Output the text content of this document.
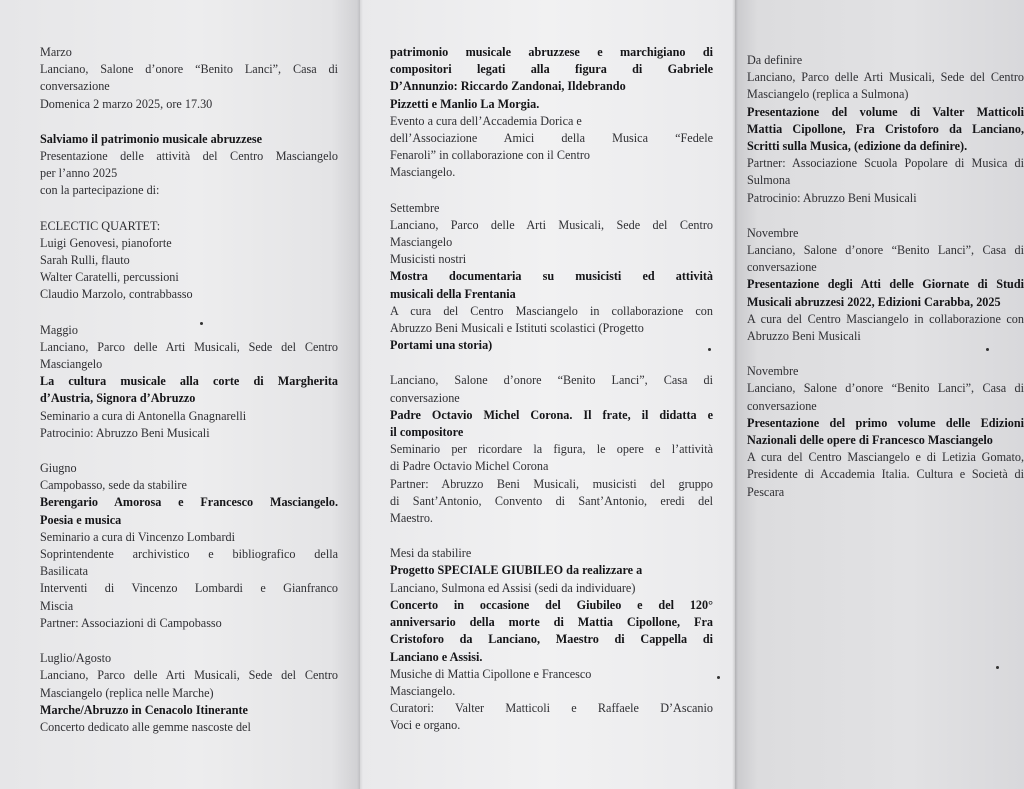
Marzo
Lanciano, Salone d’onore “Benito Lanci”, Casa di
conversazione
Domenica 2 marzo 2025, ore 17.30
Salviamo il patrimonio musicale abruzzese
Presentazione delle attività del Centro Masciangelo
per l’anno 2025
con la partecipazione di:
ECLECTIC QUARTET:
Luigi Genovesi, pianoforte
Sarah Rulli, flauto
Walter Caratelli, percussioni
Claudio Marzolo, contrabbasso
Maggio
Lanciano, Parco delle Arti Musicali, Sede del Centro
Masciangelo
La cultura musicale alla corte di Margherita
d’Austria, Signora d’Abruzzo
Seminario a cura di Antonella Gnagnarelli
Patrocinio: Abruzzo Beni Musicali
Giugno
Campobasso, sede da stabilire
Berengario Amorosa e Francesco Masciangelo.
Poesia e musica
Seminario a cura di Vincenzo Lombardi
Soprintendente archivistico e bibliografico della
Basilicata
Interventi di Vincenzo Lombardi e Gianfranco
Miscia
Partner: Associazioni di Campobasso
Luglio/Agosto
Lanciano, Parco delle Arti Musicali, Sede del Centro
Masciangelo (replica nelle Marche)
Marche/Abruzzo in Cenacolo Itinerante
Concerto dedicato alle gemme nascoste del
patrimonio musicale abruzzese e marchigiano di
compositori legati alla figura di Gabriele
D’Annunzio: Riccardo Zandonai, Ildebrando
Pizzetti e Manlio La Morgia.
Evento a cura dell’Accademia Dorica e
dell’Associazione Amici della Musica “Fedele
Fenaroli” in collaborazione con il Centro
Masciangelo.
Settembre
Lanciano, Parco delle Arti Musicali, Sede del Centro
Masciangelo
Musicisti nostri
Mostra documentaria su musicisti ed attività
musicali della Frentania
A cura del Centro Masciangelo in collaborazione con
Abruzzo Beni Musicali e Istituti scolastici (Progetto
Portami una storia)
Lanciano, Salone d’onore “Benito Lanci”, Casa di
conversazione
Padre Octavio Michel Corona. Il frate, il didatta e
il compositore
Seminario per ricordare la figura, le opere e l’attività
di Padre Octavio Michel Corona
Partner: Abruzzo Beni Musicali, musicisti del gruppo
di Sant’Antonio, Convento di Sant’Antonio, eredi del
Maestro.
Mesi da stabilire
Progetto SPECIALE GIUBILEO da realizzare a
Lanciano, Sulmona ed Assisi (sedi da individuare)
Concerto in occasione del Giubileo e del 120°
anniversario della morte di Mattia Cipollone, Fra
Cristoforo da Lanciano, Maestro di Cappella di
Lanciano e Assisi.
Musiche di Mattia Cipollone e Francesco
Masciangelo.
Curatori: Valter Matticoli e Raffaele D’Ascanio
Voci e organo.
Da definire
Lanciano, Parco delle Arti Musicali, Sede del Centro
Masciangelo (replica a Sulmona)
Presentazione del volume di Valter Matticoli
Mattia Cipollone, Fra Cristoforo da Lanciano,
Scritti sulla Musica, (edizione da definire).
Partner: Associazione Scuola Popolare di Musica di
Sulmona
Patrocinio: Abruzzo Beni Musicali
Novembre
Lanciano, Salone d’onore “Benito Lanci”, Casa di
conversazione
Presentazione degli Atti delle Giornate di Studi
Musicali abruzzesi 2022, Edizioni Carabba, 2025
A cura del Centro Masciangelo in collaborazione con
Abruzzo Beni Musicali
Novembre
Lanciano, Salone d’onore “Benito Lanci”, Casa di
conversazione
Presentazione del primo volume delle Edizioni
Nazionali delle opere di Francesco Masciangelo
A cura del Centro Masciangelo e di Letizia Gomato,
Presidente di Accademia Italia. Cultura e Società di
Pescara
